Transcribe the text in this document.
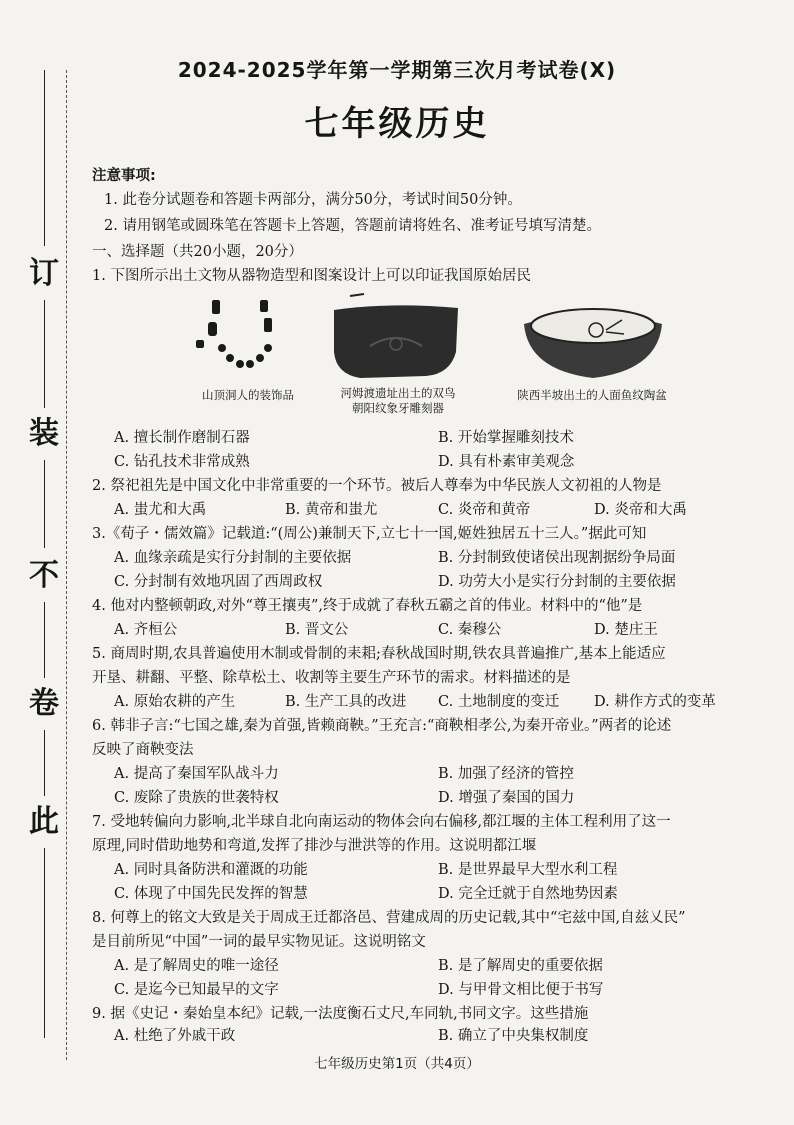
订
装
不
卷
此
2024-2025学年第一学期第三次月考试卷(X)
七年级历史
注意事项:
1. 此卷分试题卷和答题卡两部分，满分50分，考试时间50分钟。
2. 请用钢笔或圆珠笔在答题卡上答题，答题前请将姓名、准考证号填写清楚。
一、选择题（共20小题，20分）
1. 下图所示出土文物从器物造型和图案设计上可以印证我国原始居民
山顶洞人的装饰品	河姆渡遗址出土的双鸟
朝阳纹象牙雕刻器
陕西半坡出土的人面鱼纹陶盆
A. 擅长制作磨制石器	B. 开始掌握雕刻技术
C. 钻孔技术非常成熟	D. 具有朴素审美观念
2. 祭祀祖先是中国文化中非常重要的一个环节。被后人尊奉为中华民族人文初祖的人物是
A. 蚩尤和大禹	B. 黄帝和蚩尤	C. 炎帝和黄帝	D. 炎帝和大禹
3.《荀子・儒效篇》记载道:“(周公)兼制天下,立七十一国,姬姓独居五十三人。”据此可知
A. 血缘亲疏是实行分封制的主要依据	B. 分封制致使诸侯出现割据纷争局面
C. 分封制有效地巩固了西周政权	D. 功劳大小是实行分封制的主要依据
4. 他对内整顿朝政,对外“尊王攘夷”,终于成就了春秋五霸之首的伟业。材料中的“他”是
A. 齐桓公	B. 晋文公	C. 秦穆公	D. 楚庄王
5. 商周时期,农具普遍使用木制或骨制的耒耜;春秋战国时期,铁农具普遍推广,基本上能适应
开垦、耕翻、平整、除草松土、收割等主要生产环节的需求。材料描述的是
A. 原始农耕的产生	B. 生产工具的改进 C. 土地制度的变迁 D. 耕作方式的变革
6. 韩非子言:“七国之雄,秦为首强,皆赖商鞅。”王充言:“商鞅相孝公,为秦开帝业。”两者的论述
反映了商鞅变法
A. 提高了秦国军队战斗力	B. 加强了经济的管控
C. 废除了贵族的世袭特权	D. 增强了秦国的国力
7. 受地转偏向力影响,北半球自北向南运动的物体会向右偏移,都江堰的主体工程利用了这一
原理,同时借助地势和弯道,发挥了排沙与泄洪等的作用。这说明都江堰
A. 同时具备防洪和灌溉的功能	B. 是世界最早大型水利工程
C. 体现了中国先民发挥的智慧	D. 完全迁就于自然地势因素
8. 何尊上的铭文大致是关于周成王迁都洛邑、营建成周的历史记载,其中“宅兹中国,自兹乂民”
是目前所见“中国”一词的最早实物见证。这说明铭文
A. 是了解周史的唯一途径	B. 是了解周史的重要依据
C. 是迄今已知最早的文字	D. 与甲骨文相比便于书写
9. 据《史记・秦始皇本纪》记载,一法度衡石丈尺,车同轨,书同文字。这些措施
A. 杜绝了外戚干政	B. 确立了中央集权制度
七年级历史第1页（共4页）
